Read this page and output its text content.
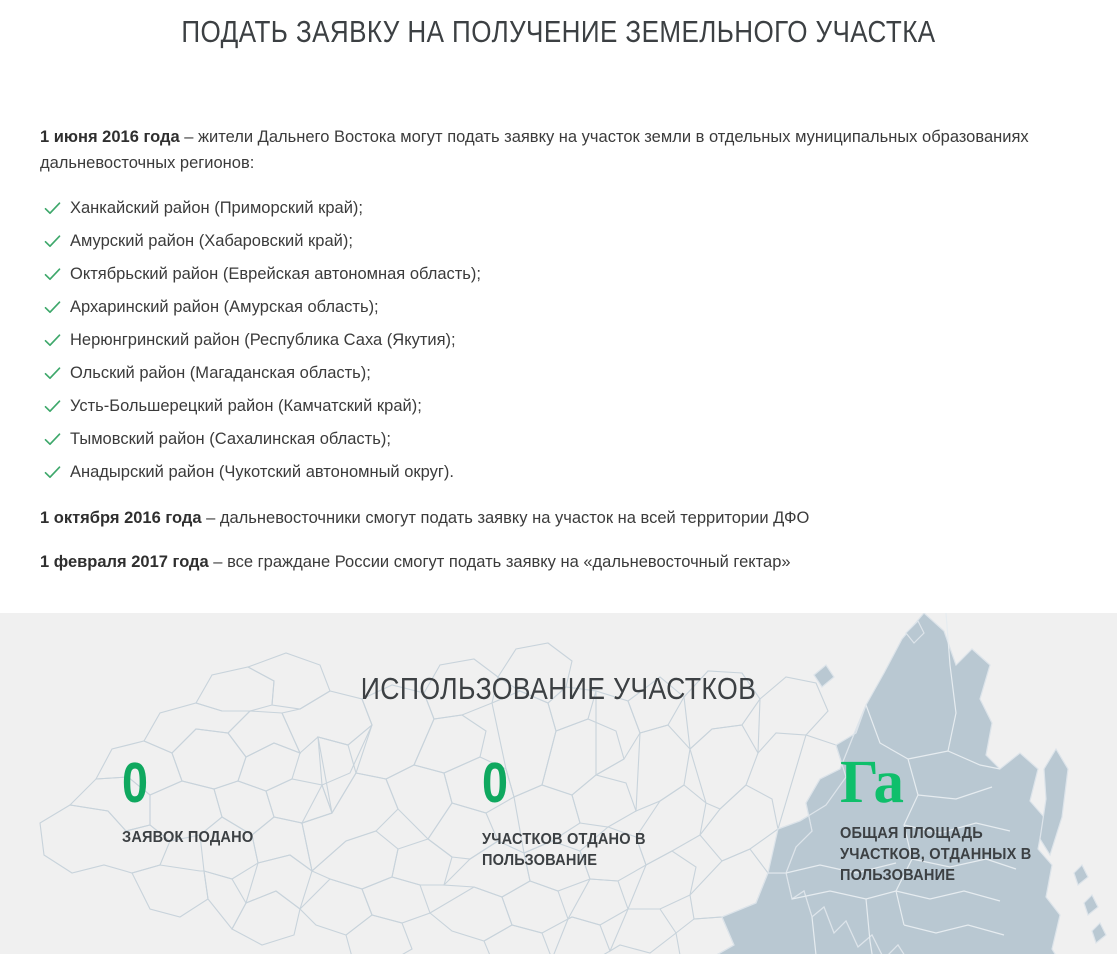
ПОДАТЬ ЗАЯВКУ НА ПОЛУЧЕНИЕ ЗЕМЕЛЬНОГО УЧАСТКА

1 июня 2016 года – жители Дальнего Востока могут подать заявку на участок земли в отдельных муниципальных образованиях дальневосточных регионов:

Ханкайский район (Приморский край);
Амурский район (Хабаровский край);
Октябрьский район (Еврейская автономная область);
Архаринский район (Амурская область);
Нерюнгринский район (Республика Саха (Якутия);
Ольский район (Магаданская область);
Усть-Большерецкий район (Камчатский край);
Тымовский район (Сахалинская область);
Анадырский район (Чукотский автономный округ).

1 октября 2016 года – дальневосточники смогут подать заявку на участок на всей территории ДФО

1 февраля 2017 года – все граждане России смогут подать заявку на «дальневосточный гектар»

ИСПОЛЬЗОВАНИЕ УЧАСТКОВ
0
ЗАЯВОК ПОДАНО
0
УЧАСТКОВ ОТДАНО В ПОЛЬЗОВАНИЕ
Га
ОБЩАЯ ПЛОЩАДЬ УЧАСТКОВ, ОТДАННЫХ В ПОЛЬЗОВАНИЕ
